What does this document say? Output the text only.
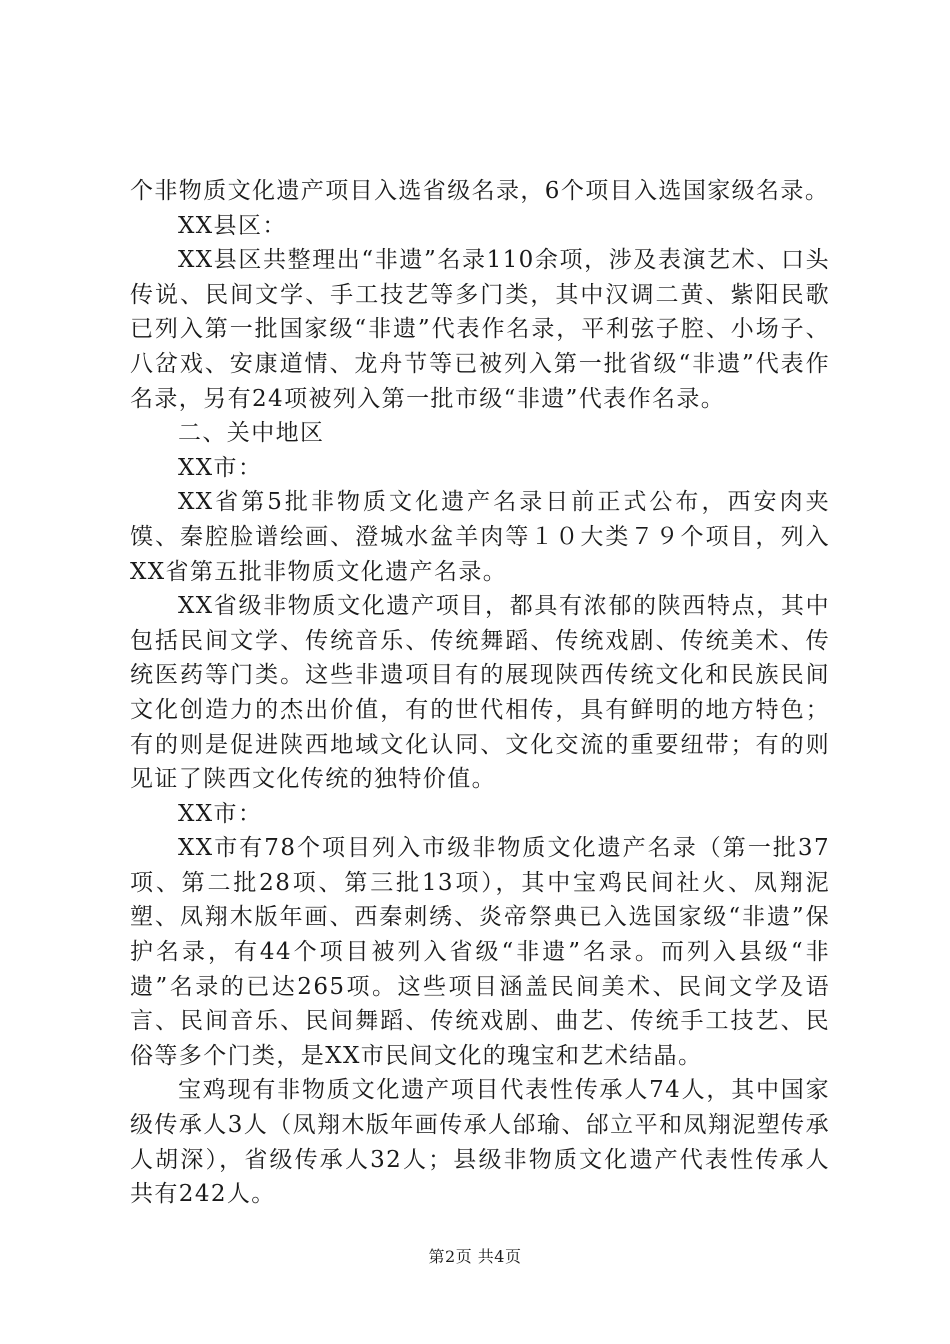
个非物质文化遗产项目入选省级名录，6个项目入选国家级名录。

XX县区：

XX县区共整理出“非遗”名录110余项，涉及表演艺术、口头传说、民间文学、手工技艺等多门类，其中汉调二黄、紫阳民歌已列入第一批国家级“非遗”代表作名录，平利弦子腔、小场子、八岔戏、安康道情、龙舟节等已被列入第一批省级“非遗”代表作名录，另有24项被列入第一批市级“非遗”代表作名录。

二、关中地区

XX市：

XX省第5批非物质文化遗产名录日前正式公布，西安肉夹馍、秦腔脸谱绘画、澄城水盆羊肉等１０大类７９个项目，列入XX省第五批非物质文化遗产名录。

XX省级非物质文化遗产项目，都具有浓郁的陕西特点，其中包括民间文学、传统音乐、传统舞蹈、传统戏剧、传统美术、传统医药等门类。这些非遗项目有的展现陕西传统文化和民族民间文化创造力的杰出价值，有的世代相传，具有鲜明的地方特色；有的则是促进陕西地域文化认同、文化交流的重要纽带；有的则见证了陕西文化传统的独特价值。

XX市：

XX市有78个项目列入市级非物质文化遗产名录（第一批37项、第二批28项、第三批13项），其中宝鸡民间社火、凤翔泥塑、凤翔木版年画、西秦刺绣、炎帝祭典已入选国家级“非遗”保护名录，有44个项目被列入省级“非遗”名录。而列入县级“非遗”名录的已达265项。这些项目涵盖民间美术、民间文学及语言、民间音乐、民间舞蹈、传统戏剧、曲艺、传统手工技艺、民俗等多个门类，是XX市民间文化的瑰宝和艺术结晶。

宝鸡现有非物质文化遗产项目代表性传承人74人，其中国家级传承人3人（凤翔木版年画传承人邰瑜、邰立平和凤翔泥塑传承人胡深），省级传承人32人；县级非物质文化遗产代表性传承人共有242人。

第2页 共4页
